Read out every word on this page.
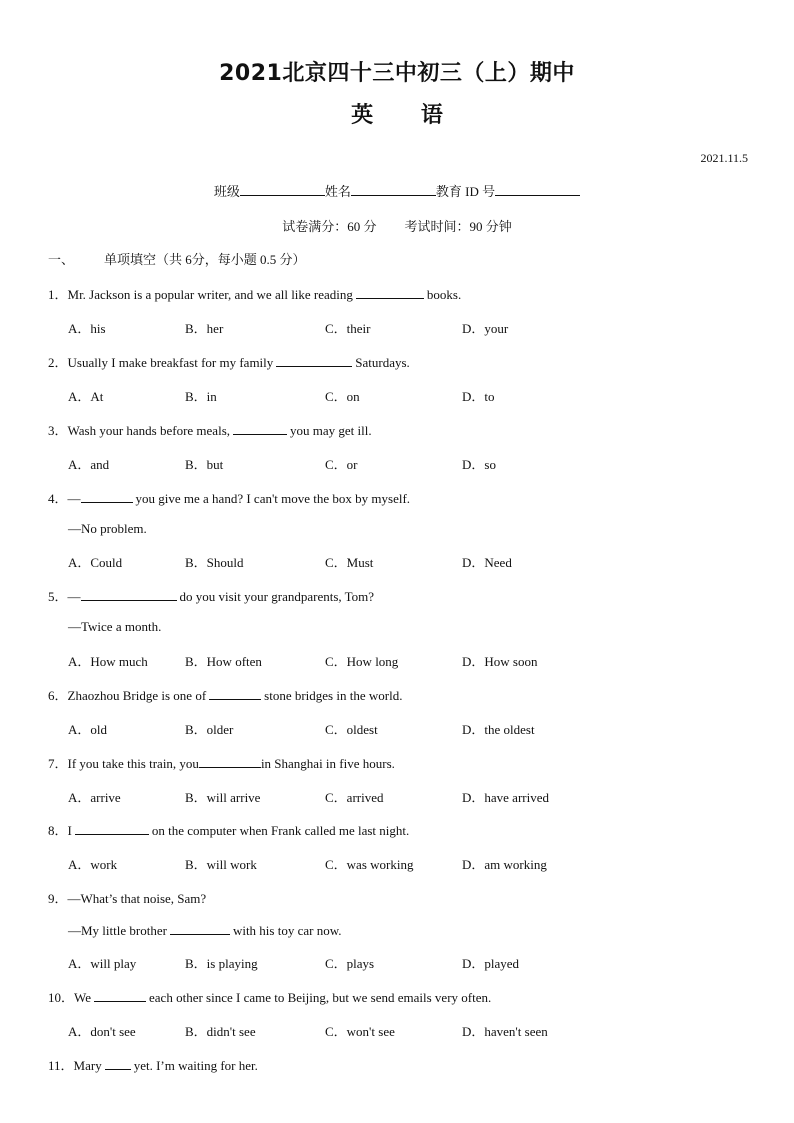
2021北京四十三中初三（上）期中
英 语
2021.11.5
班级	姓名	教育 ID 号
试卷满分：60 分 考试时间：90 分钟
一、 单项填空（共 6分，每小题 0.5 分）
1．Mr. Jackson is a popular writer, and we all like reading	books.
A．his	B．her	C．their	D．your
2．Usually I make breakfast for my family	Saturdays.
A．At	B．in	C．on	D．to
3．Wash your hands before meals,	you may get ill.
A．and	B．but	C．or	D．so
4．—	you give me a hand? I can't move the box by myself.
—No problem.
A．Could	B．Should	C．Must	D．Need
5．—	do you visit your grandparents, Tom?
—Twice a month.
A．How much	B．How often	C．How long	D．How soon
6．Zhaozhou Bridge is one of	stone bridges in the world.
A．old	B．older	C．oldest	D．the oldest
7．If you take this train, you	in Shanghai in five hours.
A．arrive	B．will arrive	C．arrived	D．have arrived
8．I	on the computer when Frank called me last night.
A．work	B．will work	C．was working	D．am working
9．—What’s that noise, Sam?
—My little brother	with his toy car now.
A．will play	B．is playing	C．plays	D．played
10．We	each other since I came to Beijing, but we send emails very often.
A．don't see	B．didn't see	C．won't see	D．haven't seen
11．Mary yet. I’m waiting for her.
